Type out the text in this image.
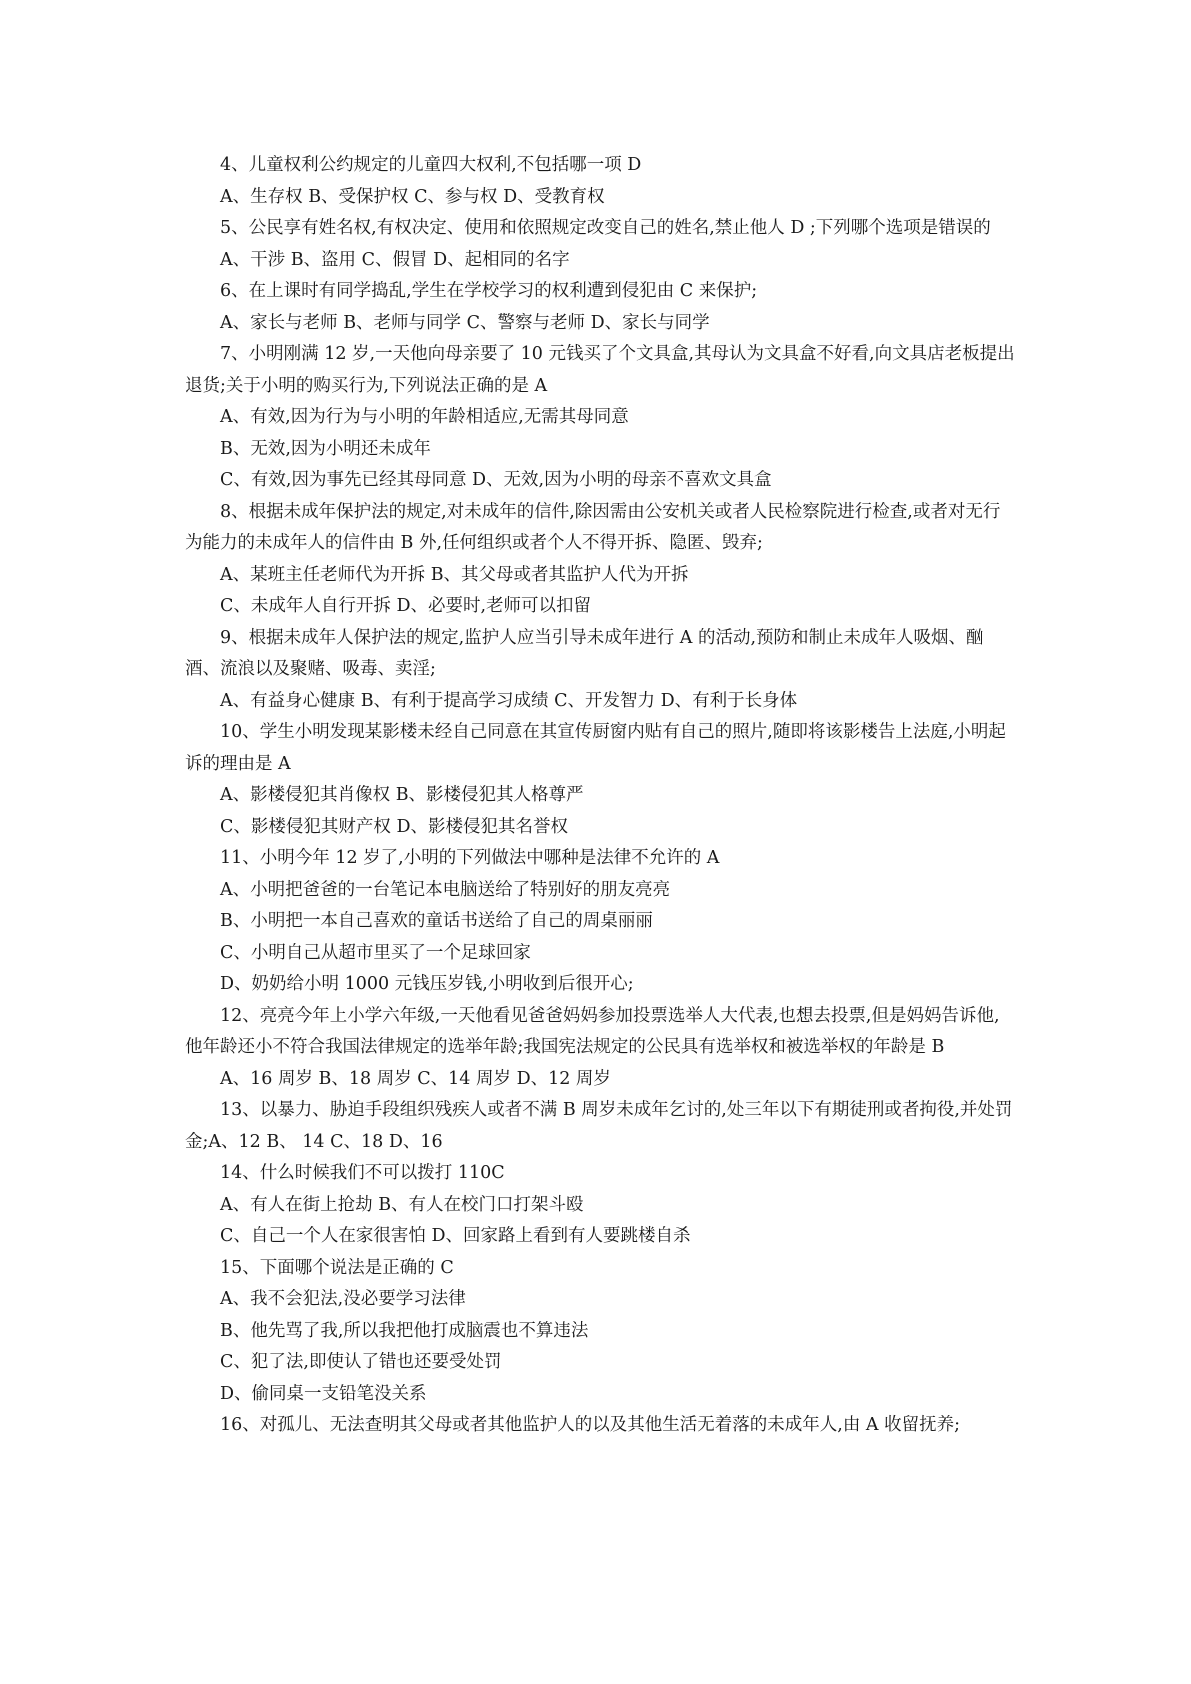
4、儿童权利公约规定的儿童四大权利,不包括哪一项 D

A、生存权 B、受保护权 C、参与权 D、受教育权

5、公民享有姓名权,有权决定、使用和依照规定改变自己的姓名,禁止他人 D ;下列哪个选项是错误的

A、干涉 B、盗用 C、假冒 D、起相同的名字

6、在上课时有同学捣乱,学生在学校学习的权利遭到侵犯由 C 来保护;

A、家长与老师 B、老师与同学 C、警察与老师 D、家长与同学

7、小明刚满 12 岁,一天他向母亲要了 10 元钱买了个文具盒,其母认为文具盒不好看,向文具店老板提出退货;关于小明的购买行为,下列说法正确的是 A

A、有效,因为行为与小明的年龄相适应,无需其母同意

B、无效,因为小明还未成年

C、有效,因为事先已经其母同意 D、无效,因为小明的母亲不喜欢文具盒

8、根据未成年保护法的规定,对未成年的信件,除因需由公安机关或者人民检察院进行检查,或者对无行为能力的未成年人的信件由 B 外,任何组织或者个人不得开拆、隐匿、毁弃;

A、某班主任老师代为开拆 B、其父母或者其监护人代为开拆

C、未成年人自行开拆 D、必要时,老师可以扣留

9、根据未成年人保护法的规定,监护人应当引导未成年进行 A 的活动,预防和制止未成年人吸烟、酗酒、流浪以及聚赌、吸毒、卖淫;

A、有益身心健康 B、有利于提高学习成绩 C、开发智力 D、有利于长身体

10、学生小明发现某影楼未经自己同意在其宣传厨窗内贴有自己的照片,随即将该影楼告上法庭,小明起诉的理由是 A

A、影楼侵犯其肖像权 B、影楼侵犯其人格尊严

C、影楼侵犯其财产权 D、影楼侵犯其名誉权

11、小明今年 12 岁了,小明的下列做法中哪种是法律不允许的 A

A、小明把爸爸的一台笔记本电脑送给了特别好的朋友亮亮

B、小明把一本自己喜欢的童话书送给了自己的周桌丽丽

C、小明自己从超市里买了一个足球回家

D、奶奶给小明 1000 元钱压岁钱,小明收到后很开心;

12、亮亮今年上小学六年级,一天他看见爸爸妈妈参加投票选举人大代表,也想去投票,但是妈妈告诉他,他年龄还小不符合我国法律规定的选举年龄;我国宪法规定的公民具有选举权和被选举权的年龄是 B

A、16 周岁 B、18 周岁 C、14 周岁 D、12 周岁

13、以暴力、胁迫手段组织残疾人或者不满 B 周岁未成年乞讨的,处三年以下有期徒刑或者拘役,并处罚金;A、12 B、 14 C、18 D、16

14、什么时候我们不可以拨打 110C

A、有人在街上抢劫 B、有人在校门口打架斗殴

C、自己一个人在家很害怕 D、回家路上看到有人要跳楼自杀

15、下面哪个说法是正确的 C

A、我不会犯法,没必要学习法律

B、他先骂了我,所以我把他打成脑震也不算违法

C、犯了法,即使认了错也还要受处罚

D、偷同桌一支铅笔没关系

16、对孤儿、无法查明其父母或者其他监护人的以及其他生活无着落的未成年人,由 A 收留抚养;
